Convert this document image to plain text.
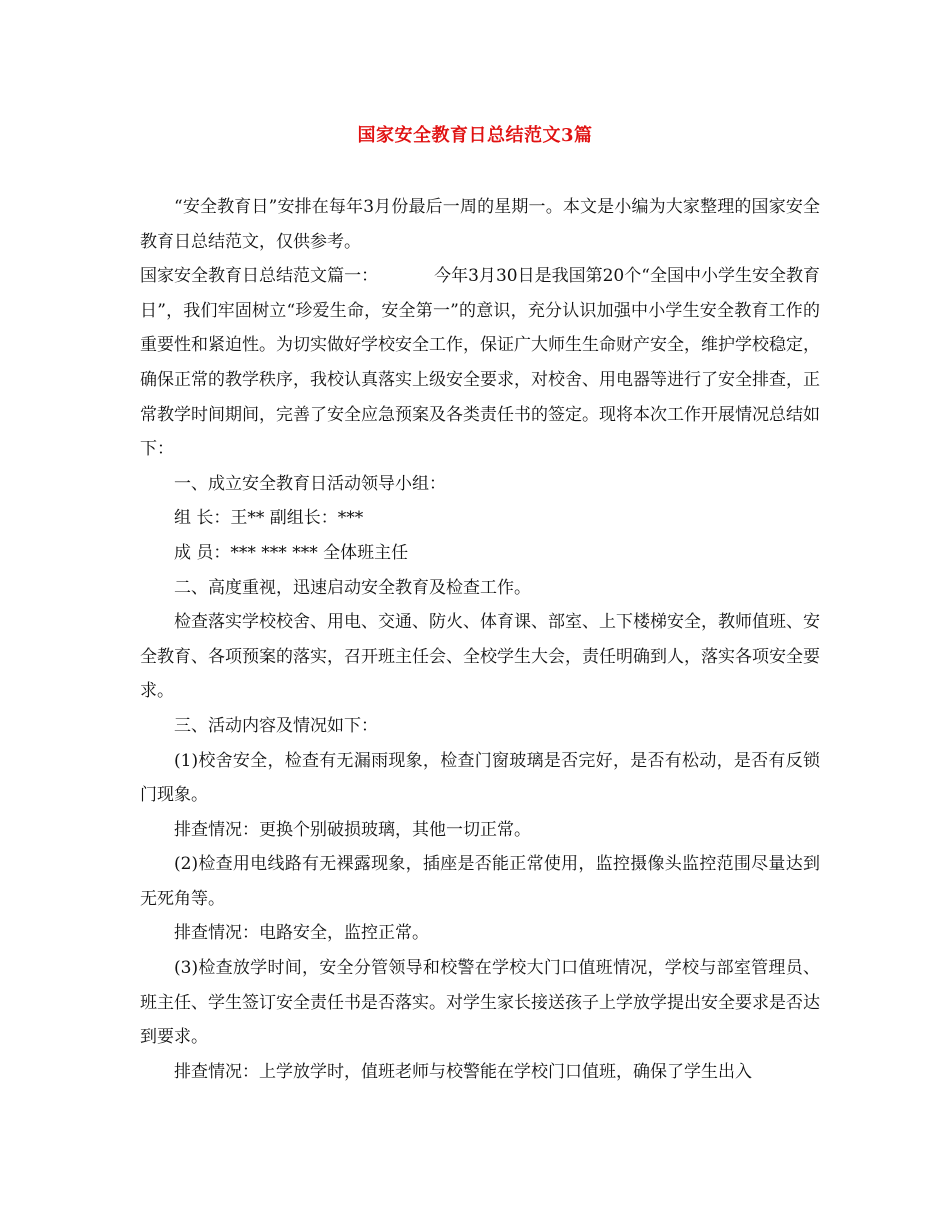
国家安全教育日总结范文3篇

“安全教育日”安排在每年3月份最后一周的星期一。本文是小编为大家整理的国家安全教育日总结范文，仅供参考。

国家安全教育日总结范文篇一：	今年3月30日是我国第20个“全国中小学生安全教育日”，我们牢固树立“珍爱生命，安全第一”的意识，充分认识加强中小学生安全教育工作的重要性和紧迫性。为切实做好学校安全工作，保证广大师生生命财产安全，维护学校稳定，确保正常的教学秩序，我校认真落实上级安全要求，对校舍、用电器等进行了安全排查，正常教学时间期间，完善了安全应急预案及各类责任书的签定。现将本次工作开展情况总结如下：

一、成立安全教育日活动领导小组：

组 长：王** 副组长：***

成 员：*** *** *** 全体班主任

二、高度重视，迅速启动安全教育及检查工作。

检查落实学校校舍、用电、交通、防火、体育课、部室、上下楼梯安全，教师值班、安全教育、各项预案的落实，召开班主任会、全校学生大会，责任明确到人，落实各项安全要求。

三、活动内容及情况如下：

(1)校舍安全，检查有无漏雨现象，检查门窗玻璃是否完好，是否有松动，是否有反锁门现象。

排查情况：更换个别破损玻璃，其他一切正常。

(2)检查用电线路有无裸露现象，插座是否能正常使用，监控摄像头监控范围尽量达到无死角等。

排查情况：电路安全，监控正常。

(3)检查放学时间，安全分管领导和校警在学校大门口值班情况，学校与部室管理员、班主任、学生签订安全责任书是否落实。对学生家长接送孩子上学放学提出安全要求是否达到要求。

排查情况：上学放学时，值班老师与校警能在学校门口值班，确保了学生出入
